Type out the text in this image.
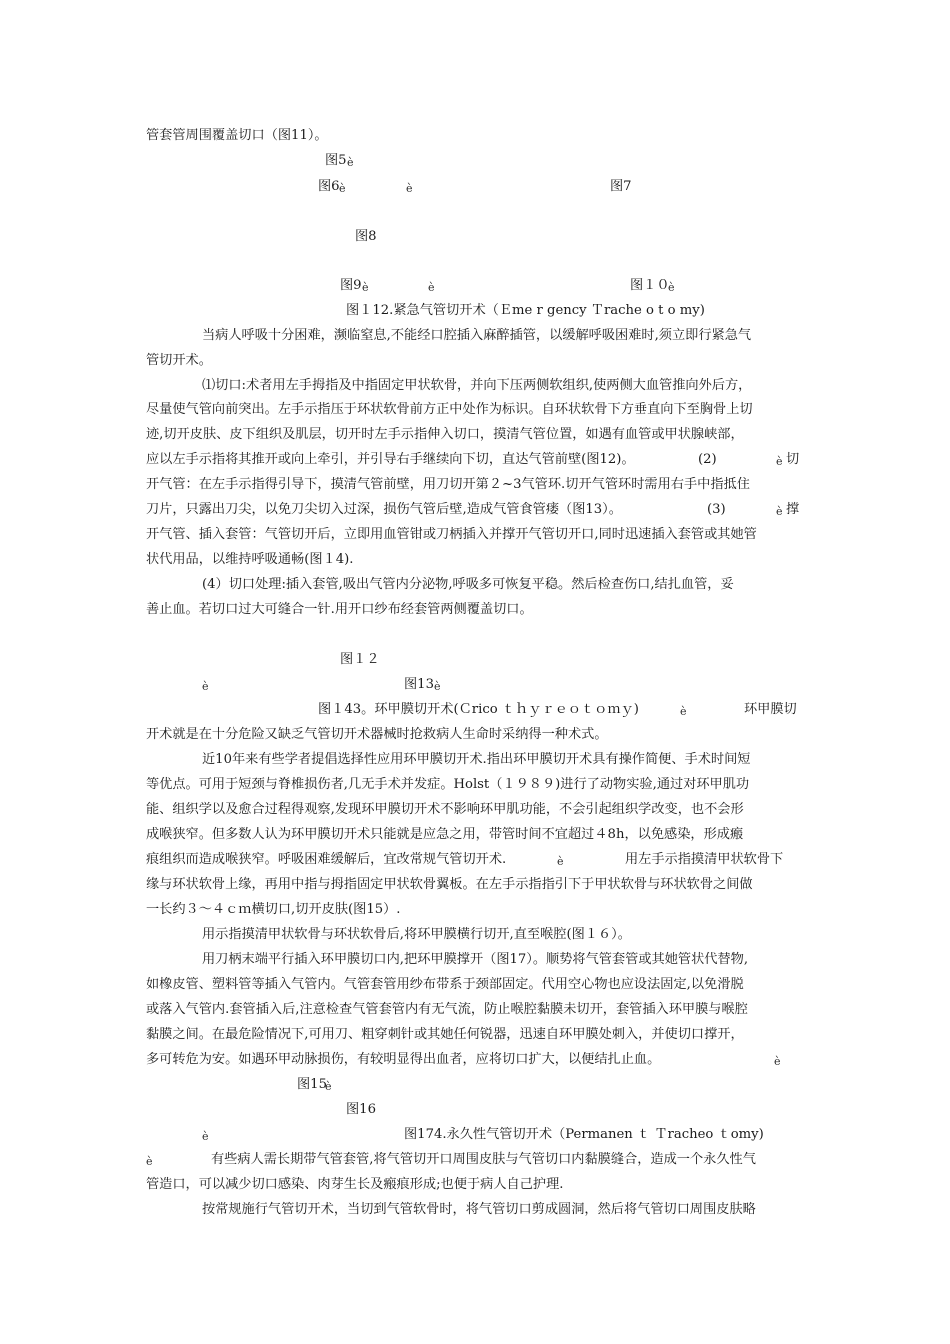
管套管周围覆盖切口（图11）。
图5 ѐ
图6 ѐ	ѐ	图7
图8
图9 ѐ	ѐ	图１０
ѐ
图１12.紧急气管切开术（Ｅme r gency Ｔrache o t o my)
当病人呼吸十分困难，濒临窒息,不能经口腔插入麻醉插管，以缓解呼吸困难时,须立即行紧急气
管切开术。
⑴切口:术者用左手拇指及中指固定甲状软骨，并向下压两侧软组织,使两侧大血管推向外后方，
尽量使气管向前突出。左手示指压于环状软骨前方正中处作为标识。自环状软骨下方垂直向下至胸骨上切
迹,切开皮肤、皮下组织及肌层，切开时左手示指伸入切口，摸清气管位置，如遇有血管或甲状腺峡部，
应以左手示指将其推开或向上牵引，并引导右手继续向下切，直达气管前壁(图12)。	(2)	ѐ 切
开气管：在左手示指得引导下，摸清气管前壁，用刀切开第２~3气管环.切开气管环时需用右手中指抵住
刀片，只露出刀尖，以免刀尖切入过深，损伤气管后壁,造成气管食管瘘（图13）。	(3)	ѐ 撑
开气管、插入套管：气管切开后，立即用血管钳或刀柄插入并撑开气管切开口,同时迅速插入套管或其她管
状代用品，以维持呼吸通畅(图１4).
(4）切口处理:插入套管,吸出气管内分泌物,呼吸多可恢复平稳。然后检查伤口,结扎血管，妥
善止血。若切口过大可缝合一针.用开口纱布经套管两侧覆盖切口。
图１２
ѐ	图13 ѐ
图１43。环甲膜切开术(Ｃrico ｔｈｙｒｅｏｔｏｍｙ)	ѐ	环甲膜切
开术就是在十分危险又缺乏气管切开术器械时抢救病人生命时采纳得一种术式。
近10年来有些学者提倡选择性应用环甲膜切开术.指出环甲膜切开术具有操作简便、手术时间短
等优点。可用于短颈与脊椎损伤者,几无手术并发症。Holst（１９８９)进行了动物实验,通过对环甲肌功
能、组织学以及愈合过程得观察,发现环甲膜切开术不影响环甲肌功能，不会引起组织学改变，也不会形
成喉狭窄。但多数人认为环甲膜切开术只能就是应急之用，带管时间不宜超过４8h，以免感染，形成瘢
痕组织而造成喉狭窄。呼吸困难缓解后，宜改常规气管切开术.	ѐ	用左手示指摸清甲状软骨下
缘与环状软骨上缘，再用中指与拇指固定甲状软骨翼板。在左手示指指引下于甲状软骨与环状软骨之间做
一长约３～４ｃｍ横切口,切开皮肤(图15）.
用示指摸清甲状软骨与环状软骨后,将环甲膜横行切开,直至喉腔(图１６）。
用刀柄末端平行插入环甲膜切口内,把环甲膜撑开（图17）。顺势将气管套管或其她管状代替物,
如橡皮管、塑料管等插入气管内。气管套管用纱布带系于颈部固定。代用空心物也应设法固定,以免滑脱
或落入气管内.套管插入后,注意检查气管套管内有无气流，防止喉腔黏膜未切开，套管插入环甲膜与喉腔
黏膜之间。在最危险情况下,可用刀、粗穿刺针或其她任何锐器，迅速自环甲膜处刺入，并使切口撑开，
多可转危为安。如遇环甲动脉损伤，有较明显得出血者，应将切口扩大，以便结扎止血。	ѐ
图15
ѐ
图16
ѐ	图174.永久性气管切开术（Permanen ｔ Ｔracheo ｔomy)
ѐ	有些病人需长期带气管套管,将气管切开口周围皮肤与气管切口内黏膜缝合，造成一个永久性气
管造口，可以减少切口感染、肉芽生长及瘢痕形成;也便于病人自己护理.
按常规施行气管切开术，当切到气管软骨时，将气管切口剪成圆洞，然后将气管切口周围皮肤略
